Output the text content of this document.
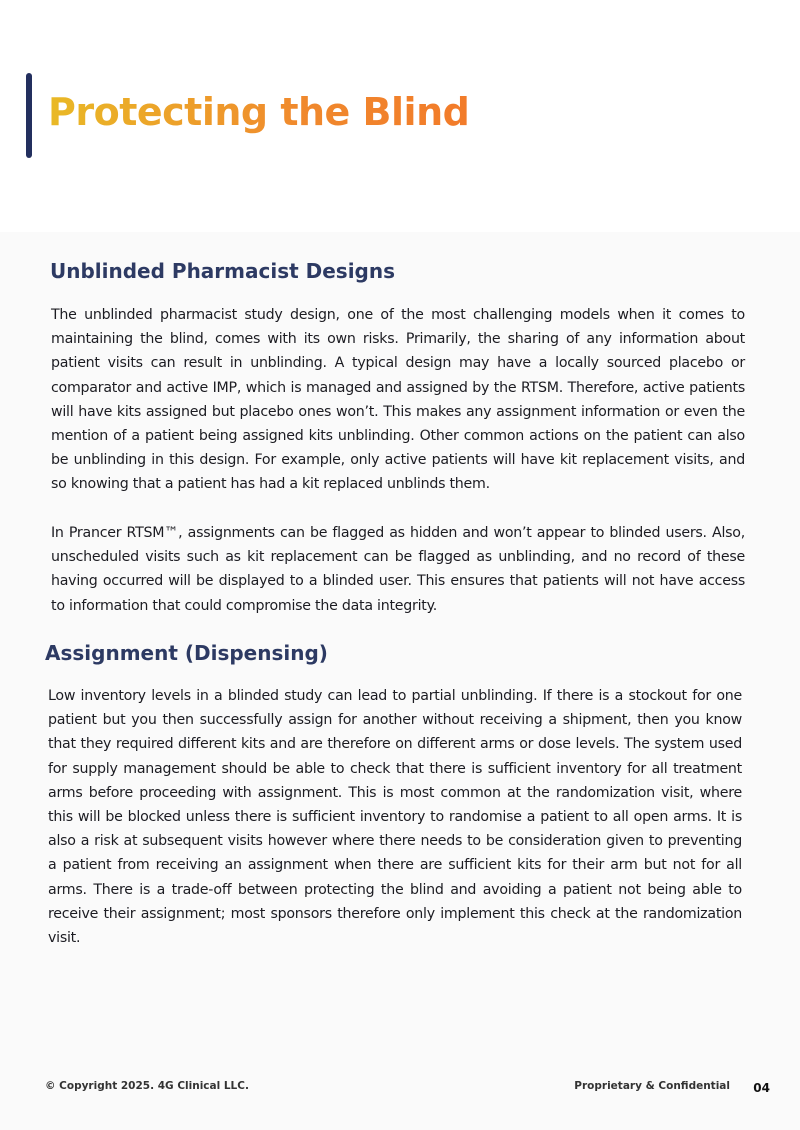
Protecting the Blind
Unblinded Pharmacist Designs

The unblinded pharmacist study design, one of the most challenging models when it comes to maintaining the blind, comes with its own risks. Primarily, the sharing of any information about patient visits can result in unblinding. A typical design may have a locally sourced placebo or comparator and active IMP, which is managed and assigned by the RTSM. Therefore, active patients will have kits assigned but placebo ones won’t. This makes any assignment information or even the mention of a patient being assigned kits unblinding. Other common actions on the patient can also be unblinding in this design. For example, only active patients will have kit replacement visits, and so knowing that a patient has had a kit replaced unblinds them.

In Prancer RTSM™, assignments can be flagged as hidden and won’t appear to blinded users. Also, unscheduled visits such as kit replacement can be flagged as unblinding, and no record of these having occurred will be displayed to a blinded user. This ensures that patients will not have access to information that could compromise the data integrity.

Assignment (Dispensing)

Low inventory levels in a blinded study can lead to partial unblinding. If there is a stockout for one patient but you then successfully assign for another without receiving a shipment, then you know that they required different kits and are therefore on different arms or dose levels. The system used for supply management should be able to check that there is sufficient inventory for all treatment arms before proceeding with assignment. This is most common at the randomization visit, where this will be blocked unless there is sufficient inventory to randomise a patient to all open arms. It is also a risk at subsequent visits however where there needs to be consideration given to preventing a patient from receiving an assignment when there are sufficient kits for their arm but not for all arms. There is a trade-off between protecting the blind and avoiding a patient not being able to receive their assignment; most sponsors therefore only implement this check at the randomization visit.

© Copyright 2025. 4G Clinical LLC.	Proprietary & Confidential 04
